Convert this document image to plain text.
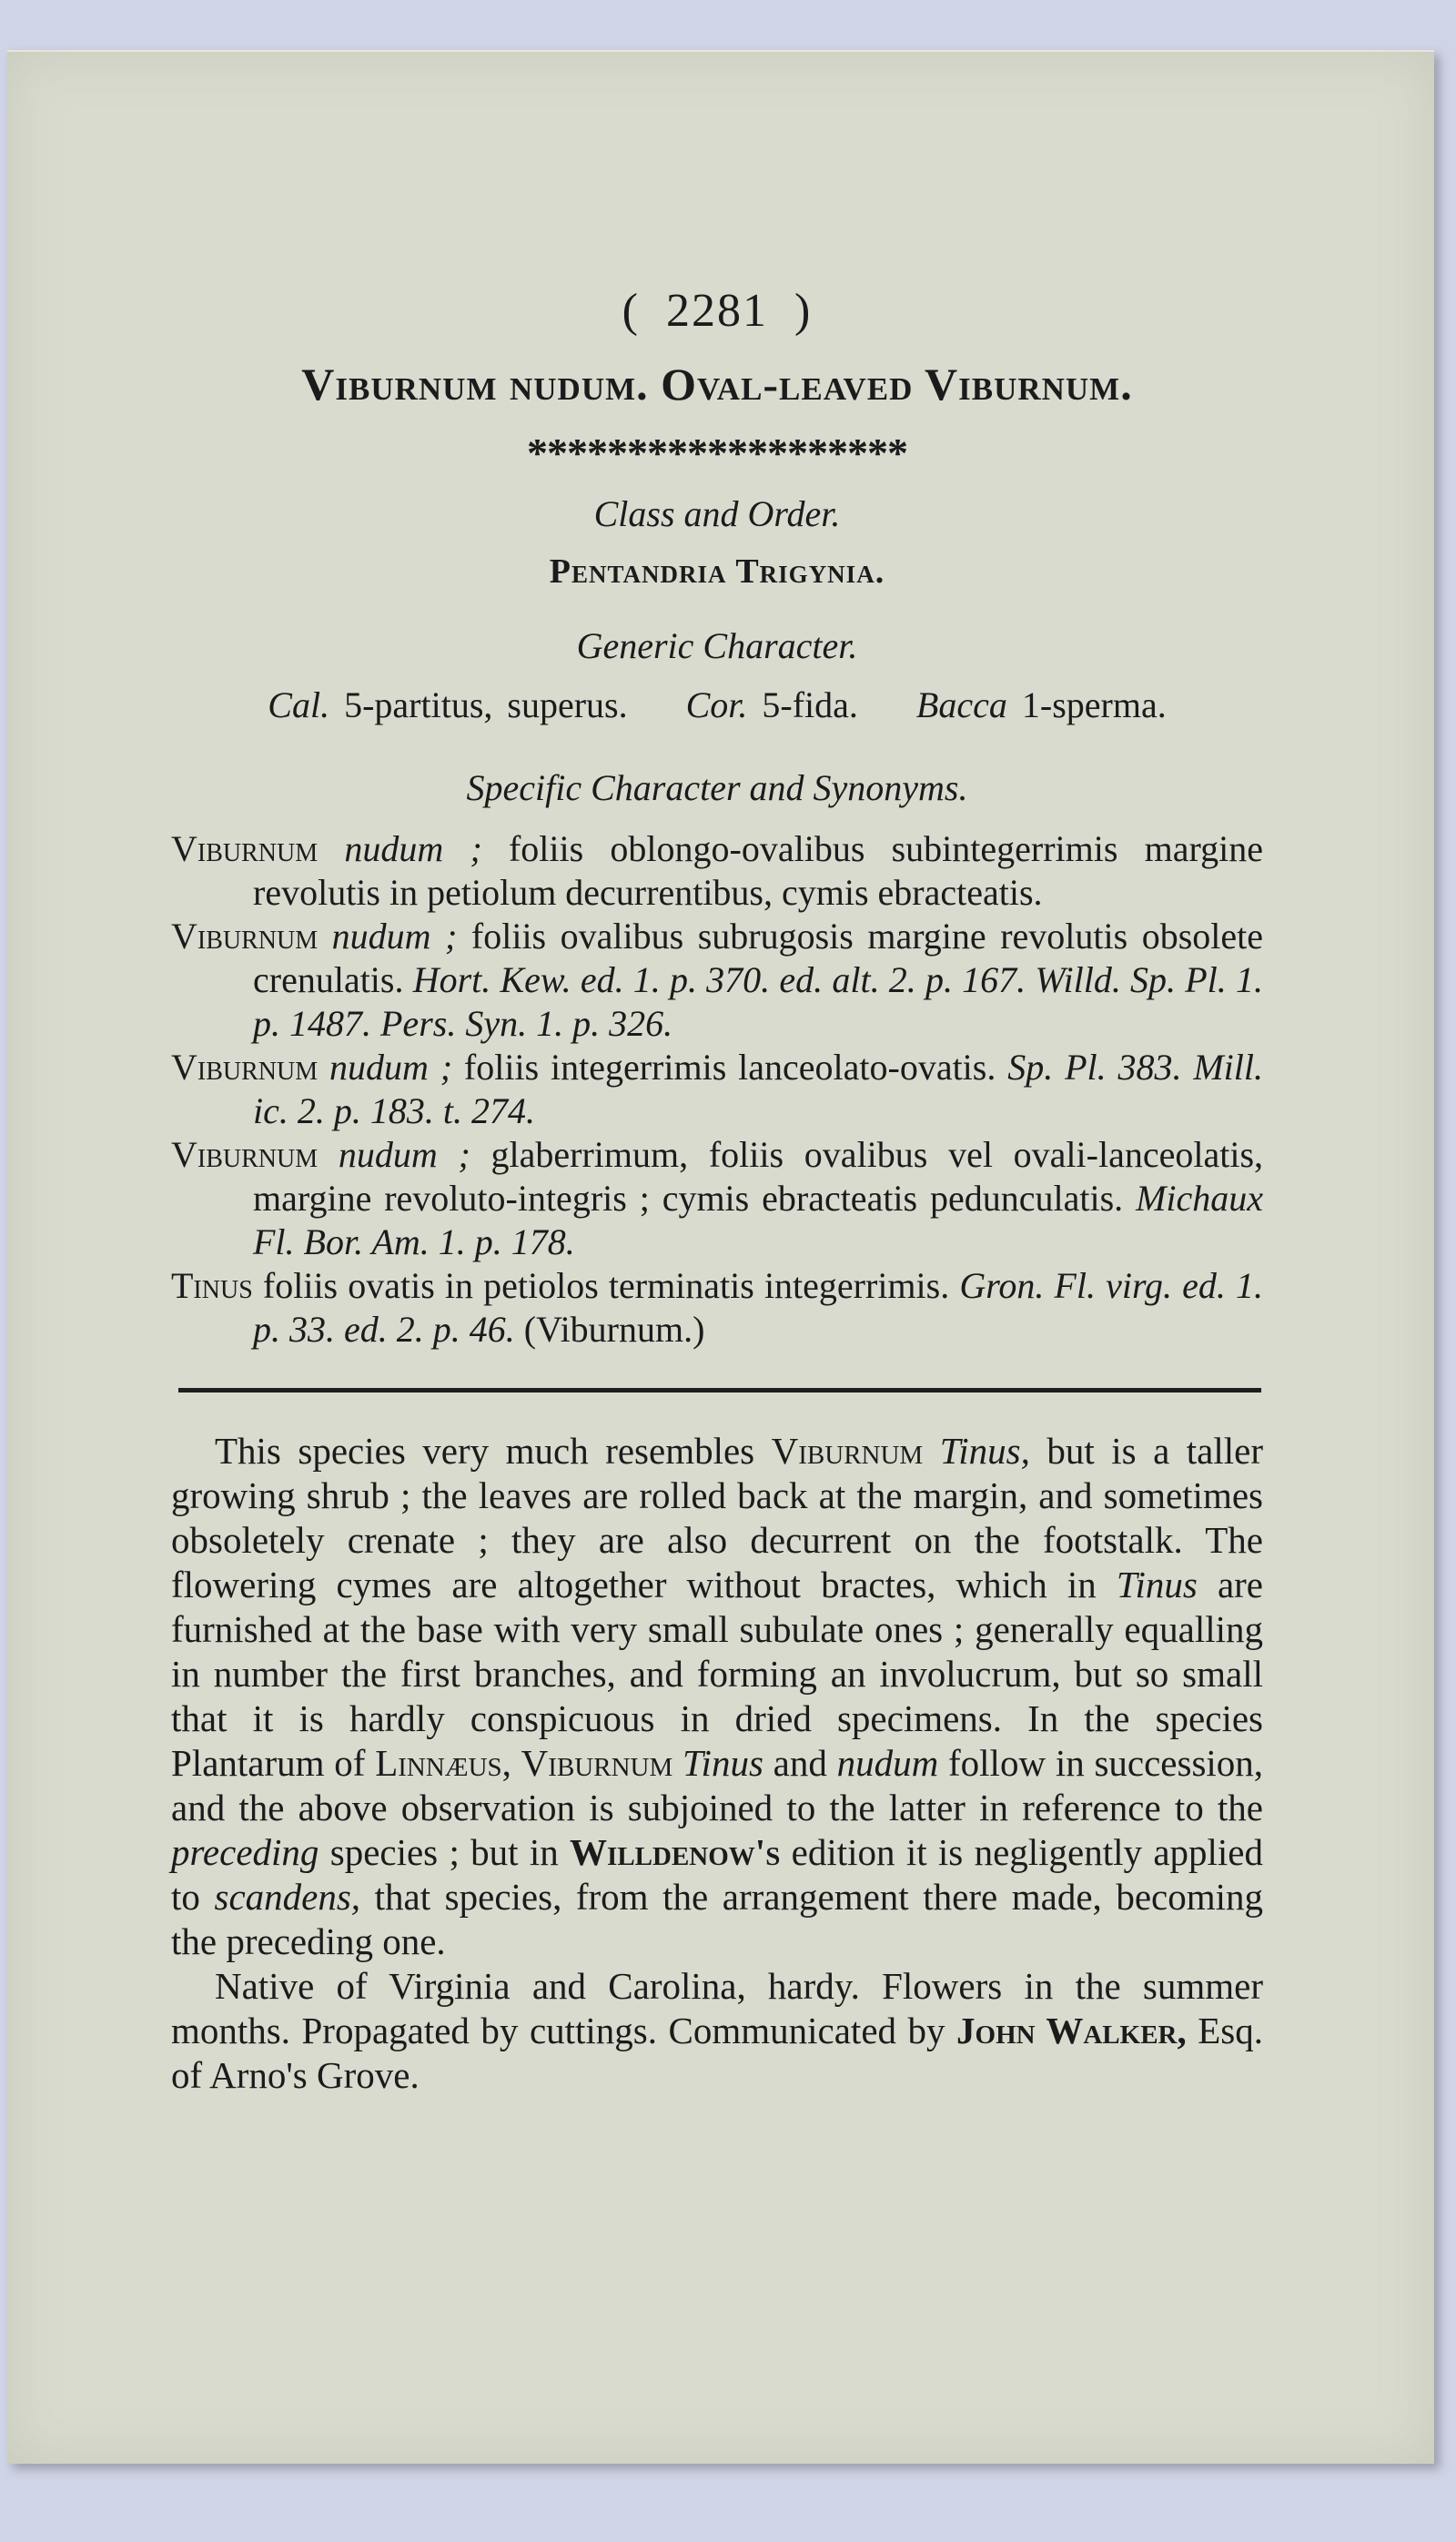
( 2281 )
Viburnum nudum. Oval-leaved Viburnum.
*******************
Class and Order.
Pentandria Trigynia.
Generic Character.
Cal. 5-partitus, superus. Cor. 5-fida. Bacca 1-sperma.
Specific Character and Synonyms.

Viburnum nudum ; foliis oblongo-ovalibus subintegerrimis margine revolutis in petiolum decurrentibus, cymis ebracteatis.

Viburnum nudum ; foliis ovalibus subrugosis margine revolutis obsolete crenulatis. Hort. Kew. ed. 1. p. 370. ed. alt. 2. p. 167. Willd. Sp. Pl. 1. p. 1487. Pers. Syn. 1. p. 326.

Viburnum nudum ; foliis integerrimis lanceolato-ovatis. Sp. Pl. 383. Mill. ic. 2. p. 183. t. 274.

Viburnum nudum ; glaberrimum, foliis ovalibus vel ovali-lanceolatis, margine revoluto-integris ; cymis ebracteatis pedunculatis. Michaux Fl. Bor. Am. 1. p. 178.

Tinus foliis ovatis in petiolos terminatis integerrimis. Gron. Fl. virg. ed. 1. p. 33. ed. 2. p. 46. (Viburnum.)

This species very much resembles Viburnum Tinus, but is a taller growing shrub ; the leaves are rolled back at the margin, and sometimes obsoletely crenate ; they are also decurrent on the footstalk. The flowering cymes are altogether without bractes, which in Tinus are furnished at the base with very small subulate ones ; generally equalling in number the first branches, and forming an involucrum, but so small that it is hardly conspicuous in dried specimens. In the species Plantarum of Linnæus, Viburnum Tinus and nudum follow in succession, and the above observation is subjoined to the latter in reference to the preceding species ; but in Willdenow's edition it is negligently applied to scandens, that species, from the arrangement there made, becoming the preceding one.

Native of Virginia and Carolina, hardy. Flowers in the summer months. Propagated by cuttings. Communicated by John Walker, Esq. of Arno's Grove.
